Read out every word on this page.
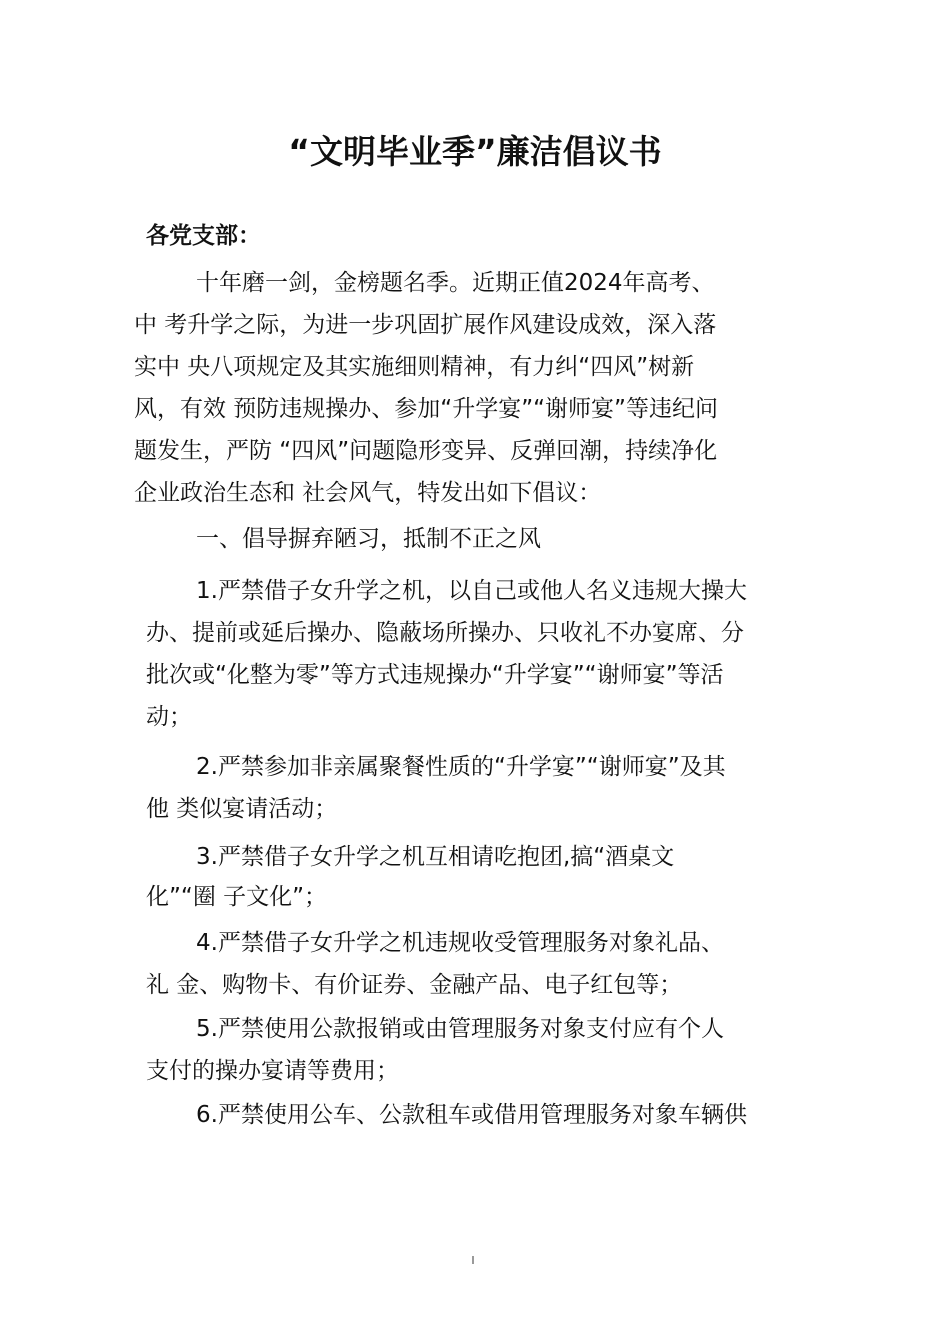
“文明毕业季”廉洁倡议书
各党支部：
十年磨一剑，金榜题名季。近期正值2024年高考、
中 考升学之际，为进一步巩固扩展作风建设成效，深入落
实中 央八项规定及其实施细则精神，有力纠“四风”树新
风，有效 预防违规操办、参加“升学宴”“谢师宴”等违纪问
题发生，严防 “四风”问题隐形变异、反弹回潮，持续净化
企业政治生态和 社会风气，特发出如下倡议：
一、倡导摒弃陋习，抵制不正之风
1.严禁借子女升学之机，以自己或他人名义违规大操大
办、提前或延后操办、隐蔽场所操办、只收礼不办宴席、分
批次或“化整为零”等方式违规操办“升学宴”“谢师宴”等活
动；
2.严禁参加非亲属聚餐性质的“升学宴”“谢师宴”及其
他 类似宴请活动；
3.严禁借子女升学之机互相请吃抱团,搞“酒桌文
化”“圈 子文化”；
4.严禁借子女升学之机违规收受管理服务对象礼品、
礼 金、购物卡、有价证券、金融产品、电子红包等；
5.严禁使用公款报销或由管理服务对象支付应有个人
支付的操办宴请等费用；
6.严禁使用公车、公款租车或借用管理服务对象车辆供
